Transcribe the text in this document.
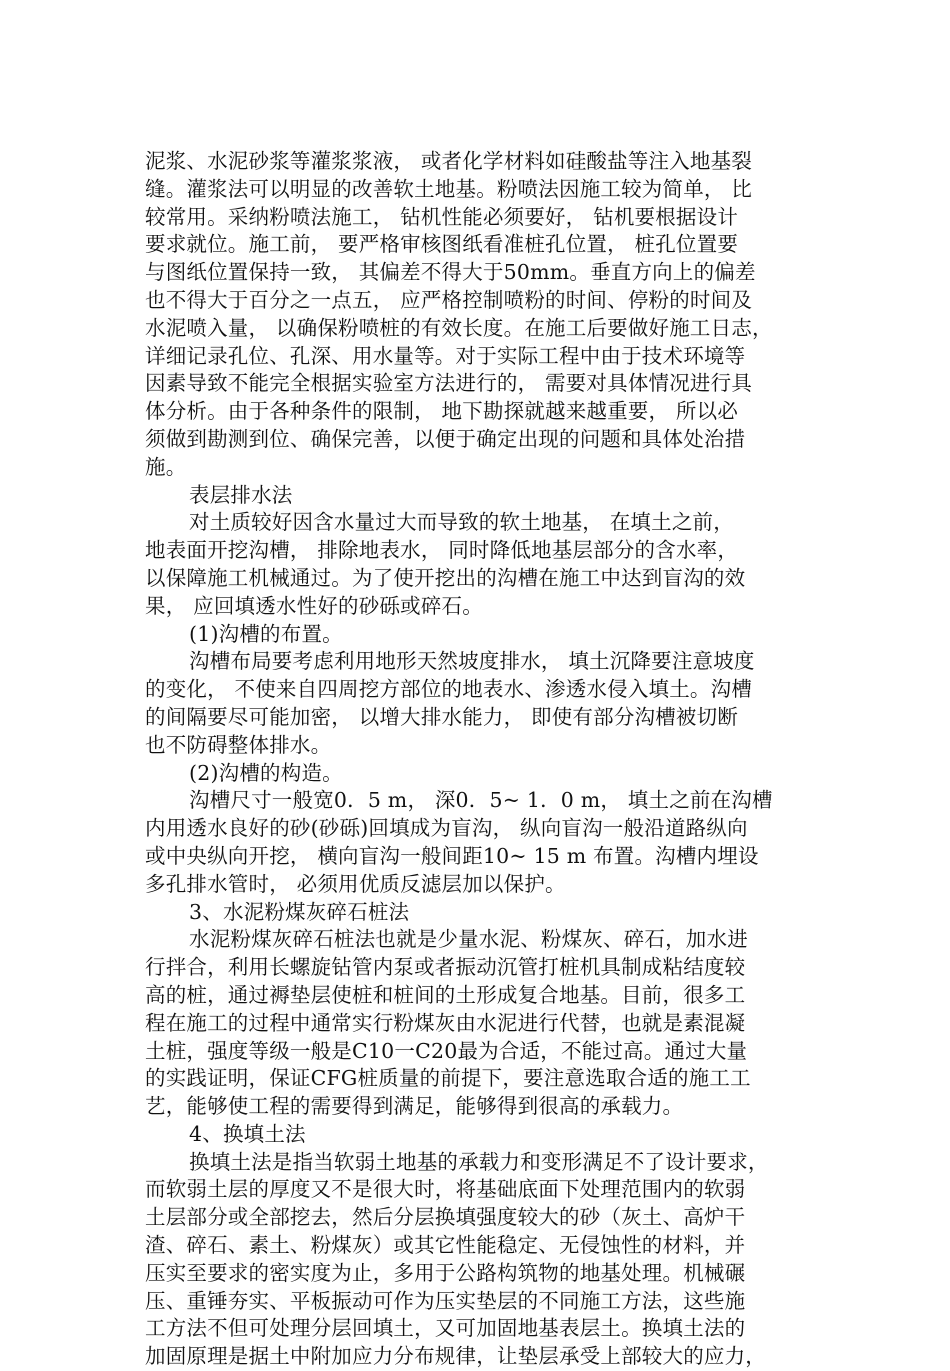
泥浆、水泥砂浆等灌浆浆液， 或者化学材料如硅酸盐等注入地基裂
缝。灌浆法可以明显的改善软土地基。粉喷法因施工较为简单， 比
较常用。采纳粉喷法施工， 钻机性能必须要好， 钻机要根据设计
要求就位。施工前， 要严格审核图纸看准桩孔位置， 桩孔位置要
与图纸位置保持一致， 其偏差不得大于50mm。垂直方向上的偏差
也不得大于百分之一点五， 应严格控制喷粉的时间、停粉的时间及
水泥喷入量， 以确保粉喷桩的有效长度。在施工后要做好施工日志，
详细记录孔位、孔深、用水量等。对于实际工程中由于技术环境等
因素导致不能完全根据实验室方法进行的， 需要对具体情况进行具
体分析。由于各种条件的限制， 地下勘探就越来越重要， 所以必
须做到勘测到位、确保完善，以便于确定出现的问题和具体处治措
施。
表层排水法
对土质较好因含水量过大而导致的软土地基， 在填土之前，
地表面开挖沟槽， 排除地表水， 同时降低地基层部分的含水率，
以保障施工机械通过。为了使开挖出的沟槽在施工中达到盲沟的效
果， 应回填透水性好的砂砾或碎石。
(1)沟槽的布置。
沟槽布局要考虑利用地形天然坡度排水， 填土沉降要注意坡度
的变化， 不使来自四周挖方部位的地表水、渗透水侵入填土。沟槽
的间隔要尽可能加密， 以增大排水能力， 即使有部分沟槽被切断
也不防碍整体排水。
(2)沟槽的构造。
沟槽尺寸一般宽0．5 m， 深0．5~ 1．0 m， 填土之前在沟槽
内用透水良好的砂(砂砾)回填成为盲沟， 纵向盲沟一般沿道路纵向
或中央纵向开挖， 横向盲沟一般间距10~ 15 m 布置。沟槽内埋设
多孔排水管时， 必须用优质反滤层加以保护。
3、水泥粉煤灰碎石桩法
水泥粉煤灰碎石桩法也就是少量水泥、粉煤灰、碎石，加水进
行拌合，利用长螺旋钻管内泵或者振动沉管打桩机具制成粘结度较
高的桩，通过褥垫层使桩和桩间的土形成复合地基。目前，很多工
程在施工的过程中通常实行粉煤灰由水泥进行代替，也就是素混凝
土桩，强度等级一般是C10一C20最为合适，不能过高。通过大量
的实践证明，保证CFG桩质量的前提下，要注意选取合适的施工工
艺，能够使工程的需要得到满足，能够得到很高的承载力。
4、换填土法
换填土法是指当软弱土地基的承载力和变形满足不了设计要求，
而软弱土层的厚度又不是很大时，将基础底面下处理范围内的软弱
土层部分或全部挖去，然后分层换填强度较大的砂（灰土、高炉干
渣、碎石、素土、粉煤灰）或其它性能稳定、无侵蚀性的材料，并
压实至要求的密实度为止，多用于公路构筑物的地基处理。机械碾
压、重锤夯实、平板振动可作为压实垫层的不同施工方法，这些施
工方法不但可处理分层回填土，又可加固地基表层土。换填土法的
加固原理是据土中附加应力分布规律，让垫层承受上部较大的应力，
